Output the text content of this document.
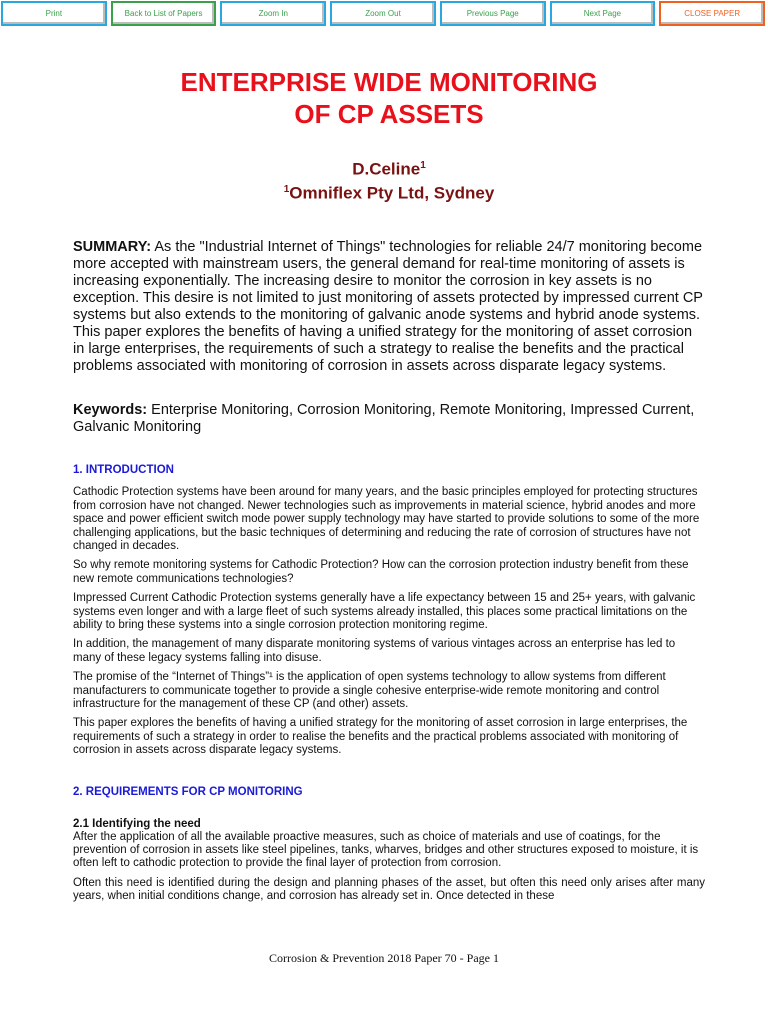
Print	Back to List of Papers	Zoom In	Zoom Out	Previous Page	Next Page	CLOSE PAPER
ENTERPRISE WIDE MONITORING
OF CP ASSETS
D.Celine$^1$
$^1$Omniflex Pty Ltd, Sydney
SUMMARY: As the "Industrial Internet of Things" technologies for reliable 24/7 monitoring become more accepted with mainstream users, the general demand for real-time monitoring of assets is increasing exponentially. The increasing desire to monitor the corrosion in key assets is no exception. This desire is not limited to just monitoring of assets protected by impressed current CP systems but also extends to the monitoring of galvanic anode systems and hybrid anode systems. This paper explores the benefits of having a unified strategy for the monitoring of asset corrosion in large enterprises, the requirements of such a strategy to realise the benefits and the practical problems associated with monitoring of corrosion in assets across disparate legacy systems.
Keywords: Enterprise Monitoring, Corrosion Monitoring, Remote Monitoring, Impressed Current, Galvanic Monitoring
1. INTRODUCTION

Cathodic Protection systems have been around for many years, and the basic principles employed for protecting structures from corrosion have not changed. Newer technologies such as improvements in material science, hybrid anodes and more space and power efficient switch mode power supply technology may have started to provide solutions to some of the more challenging applications, but the basic techniques of determining and reducing the rate of corrosion of structures have not changed in decades.

So why remote monitoring systems for Cathodic Protection? How can the corrosion protection industry benefit from these new remote communications technologies?

Impressed Current Cathodic Protection systems generally have a life expectancy between 15 and 25+ years, with galvanic systems even longer and with a large fleet of such systems already installed, this places some practical limitations on the ability to bring these systems into a single corrosion protection monitoring regime.

In addition, the management of many disparate monitoring systems of various vintages across an enterprise has led to many of these legacy systems falling into disuse.

The promise of the “Internet of Things”¹ is the application of open systems technology to allow systems from different manufacturers to communicate together to provide a single cohesive enterprise-wide remote monitoring and control infrastructure for the management of these CP (and other) assets.

This paper explores the benefits of having a unified strategy for the monitoring of asset corrosion in large enterprises, the requirements of such a strategy in order to realise the benefits and the practical problems associated with monitoring of corrosion in assets across disparate legacy systems.

2. REQUIREMENTS FOR CP MONITORING
2.1 Identifying the need

After the application of all the available proactive measures, such as choice of materials and use of coatings, for the prevention of corrosion in assets like steel pipelines, tanks, wharves, bridges and other structures exposed to moisture, it is often left to cathodic protection to provide the final layer of protection from corrosion.

Often this need is identified during the design and planning phases of the asset, but often this need only arises after many years, when initial conditions change, and corrosion has already set in. Once detected in these

Corrosion & Prevention 2018 Paper 70 - Page 1
